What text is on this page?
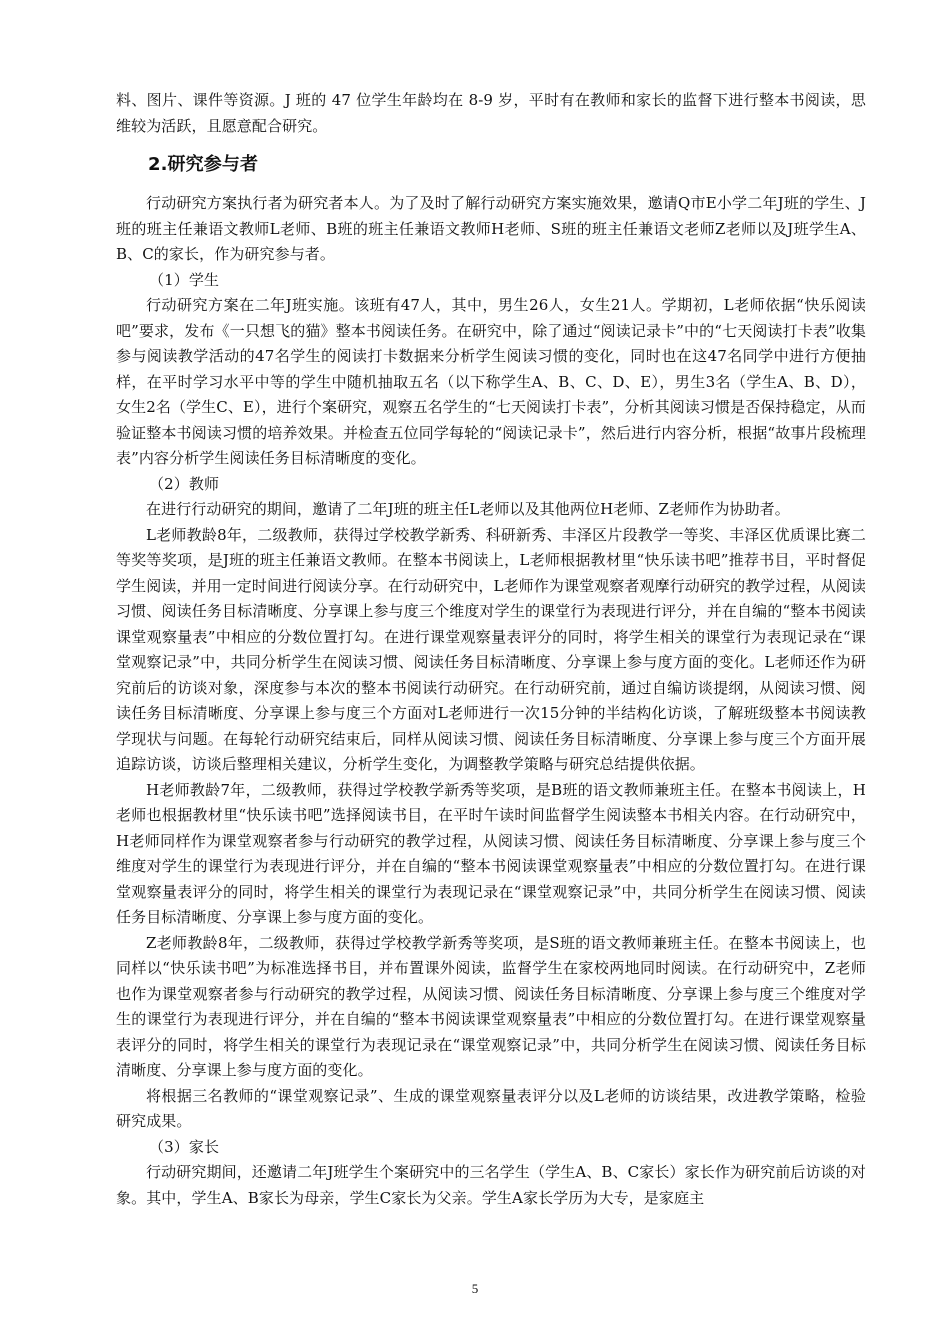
料、图片、课件等资源。J 班的 47 位学生年龄均在 8-9 岁，平时有在教师和家长的监督下进行整本书阅读，思维较为活跃，且愿意配合研究。

2.研究参与者

行动研究方案执行者为研究者本人。为了及时了解行动研究方案实施效果，邀请Q市E小学二年J班的学生、J班的班主任兼语文教师L老师、B班的班主任兼语文教师H老师、S班的班主任兼语文老师Z老师以及J班学生A、B、C的家长，作为研究参与者。

（1）学生

行动研究方案在二年J班实施。该班有47人，其中，男生26人，女生21人。学期初，L老师依据“快乐阅读吧”要求，发布《一只想飞的猫》整本书阅读任务。在研究中，除了通过“阅读记录卡”中的“七天阅读打卡表”收集参与阅读教学活动的47名学生的阅读打卡数据来分析学生阅读习惯的变化，同时也在这47名同学中进行方便抽样，在平时学习水平中等的学生中随机抽取五名（以下称学生A、B、C、D、E），男生3名（学生A、B、D），女生2名（学生C、E），进行个案研究，观察五名学生的“七天阅读打卡表”，分析其阅读习惯是否保持稳定，从而验证整本书阅读习惯的培养效果。并检查五位同学每轮的“阅读记录卡”，然后进行内容分析，根据“故事片段梳理表”内容分析学生阅读任务目标清晰度的变化。

（2）教师

在进行行动研究的期间，邀请了二年J班的班主任L老师以及其他两位H老师、Z老师作为协助者。

L老师教龄8年，二级教师，获得过学校教学新秀、科研新秀、丰泽区片段教学一等奖、丰泽区优质课比赛二等奖等奖项，是J班的班主任兼语文教师。在整本书阅读上，L老师根据教材里“快乐读书吧”推荐书目，平时督促学生阅读，并用一定时间进行阅读分享。在行动研究中，L老师作为课堂观察者观摩行动研究的教学过程，从阅读习惯、阅读任务目标清晰度、分享课上参与度三个维度对学生的课堂行为表现进行评分，并在自编的“整本书阅读课堂观察量表”中相应的分数位置打勾。在进行课堂观察量表评分的同时，将学生相关的课堂行为表现记录在“课堂观察记录”中，共同分析学生在阅读习惯、阅读任务目标清晰度、分享课上参与度方面的变化。L老师还作为研究前后的访谈对象，深度参与本次的整本书阅读行动研究。在行动研究前，通过自编访谈提纲，从阅读习惯、阅读任务目标清晰度、分享课上参与度三个方面对L老师进行一次15分钟的半结构化访谈，了解班级整本书阅读教学现状与问题。在每轮行动研究结束后，同样从阅读习惯、阅读任务目标清晰度、分享课上参与度三个方面开展追踪访谈，访谈后整理相关建议，分析学生变化，为调整教学策略与研究总结提供依据。

H老师教龄7年，二级教师，获得过学校教学新秀等奖项，是B班的语文教师兼班主任。在整本书阅读上，H老师也根据教材里“快乐读书吧”选择阅读书目，在平时午读时间监督学生阅读整本书相关内容。在行动研究中，H老师同样作为课堂观察者参与行动研究的教学过程，从阅读习惯、阅读任务目标清晰度、分享课上参与度三个维度对学生的课堂行为表现进行评分，并在自编的“整本书阅读课堂观察量表”中相应的分数位置打勾。在进行课堂观察量表评分的同时，将学生相关的课堂行为表现记录在“课堂观察记录”中，共同分析学生在阅读习惯、阅读任务目标清晰度、分享课上参与度方面的变化。

Z老师教龄8年，二级教师，获得过学校教学新秀等奖项，是S班的语文教师兼班主任。在整本书阅读上，也同样以“快乐读书吧”为标准选择书目，并布置课外阅读，监督学生在家校两地同时阅读。在行动研究中，Z老师也作为课堂观察者参与行动研究的教学过程，从阅读习惯、阅读任务目标清晰度、分享课上参与度三个维度对学生的课堂行为表现进行评分，并在自编的“整本书阅读课堂观察量表”中相应的分数位置打勾。在进行课堂观察量表评分的同时，将学生相关的课堂行为表现记录在“课堂观察记录”中，共同分析学生在阅读习惯、阅读任务目标清晰度、分享课上参与度方面的变化。

将根据三名教师的“课堂观察记录”、生成的课堂观察量表评分以及L老师的访谈结果，改进教学策略，检验研究成果。

（3）家长

行动研究期间，还邀请二年J班学生个案研究中的三名学生（学生A、B、C家长）家长作为研究前后访谈的对象。其中，学生A、B家长为母亲，学生C家长为父亲。学生A家长学历为大专，是家庭主

5
